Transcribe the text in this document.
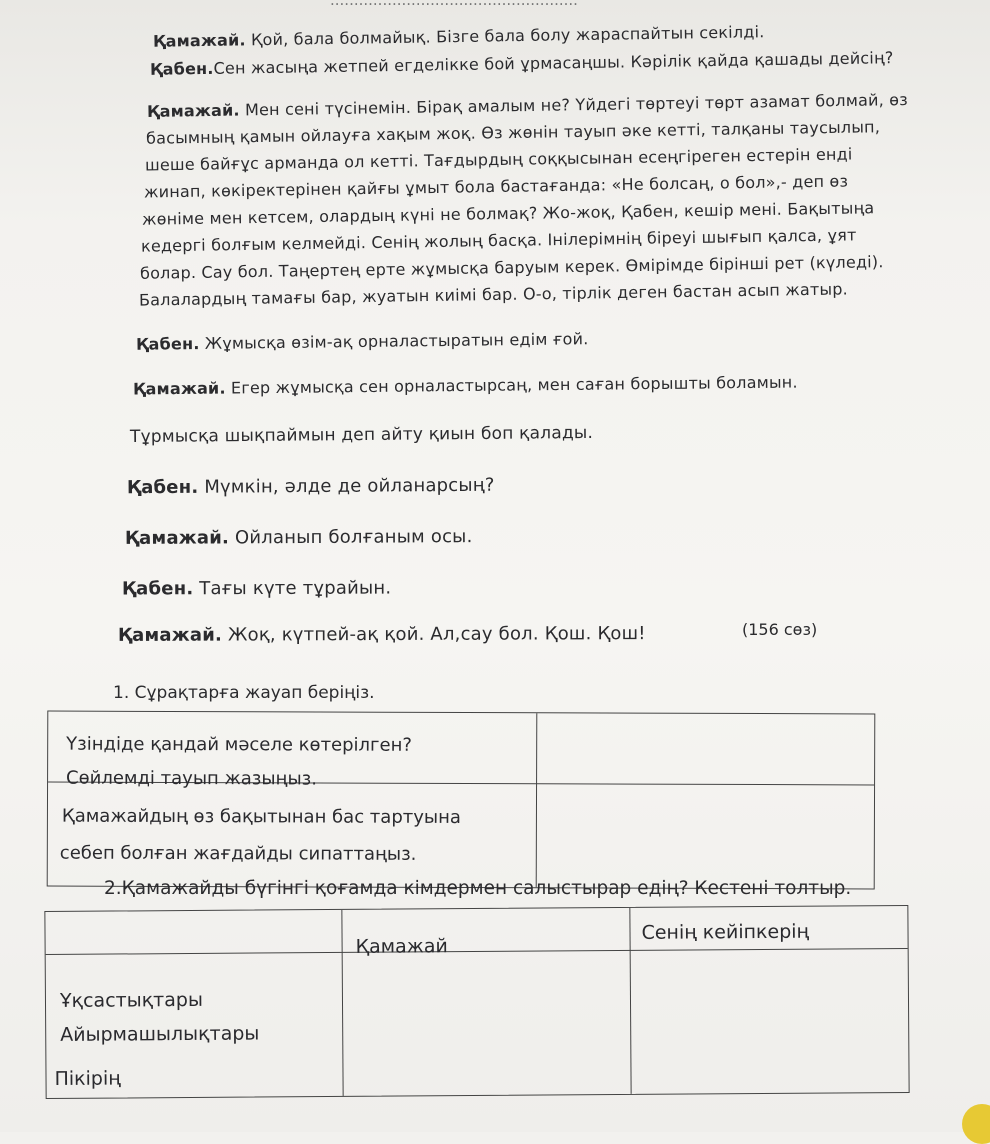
....................................................
Қамажай. Қой, бала болмайық. Бізге бала болу жараспайтын секілді.
Қабен.Сен жасыңа жетпей егделікке бой ұрмасаңшы. Кәрілік қайда қашады дейсің?
Қамажай. Мен сені түсінемін. Бірақ амалым не? Үйдегі төртеуі төрт азамат болмай, өз
басымның қамын ойлауға хақым жоқ. Өз жөнін тауып әке кетті, талқаны таусылып,
шеше байғұс арманда ол кетті. Тағдырдың соққысынан есеңгіреген естерін енді
жинап, көкіректерінен қайғы ұмыт бола бастағанда: «Не болсаң, о бол»,- деп өз
жөніме мен кетсем, олардың күні не болмақ? Жо-жоқ, Қабен, кешір мені. Бақытыңа
кедергі болғым келмейді. Сенің жолың басқа. Інілерімнің біреуі шығып қалса, ұят
болар. Сау бол. Таңертең ерте жұмысқа баруым керек. Өмірімде бірінші рет (күледі).
Балалардың тамағы бар, жуатын киімі бар. О-о, тірлік деген бастан асып жатыр.
Қабен. Жұмысқа өзім-ақ орналастыратын едім ғой.
Қамажай. Егер жұмысқа сен орналастырсаң, мен саған борышты боламын.
Тұрмысқа шықпаймын деп айту қиын боп қалады.
Қабен. Мүмкін, әлде де ойланарсың?
Қамажай. Ойланып болғаным осы.
Қабен. Тағы күте тұрайын.
Қамажай. Жоқ, күтпей-ақ қой. Ал,сау бол. Қош. Қош!	(156 сөз)
1. Сұрақтарға жауап беріңіз.
Үзіндіде қандай мәселе көтерілген?
Сөйлемді тауып жазыңыз.
Қамажайдың өз бақытынан бас тартуына
себеп болған жағдайды сипаттаңыз.
2.Қамажайды бүгінгі қоғамда кімдермен салыстырар едің? Кестені толтыр.
Қамажай
Сенің кейіпкерің
Ұқсастықтары
Айырмашылықтары
Пікірің
